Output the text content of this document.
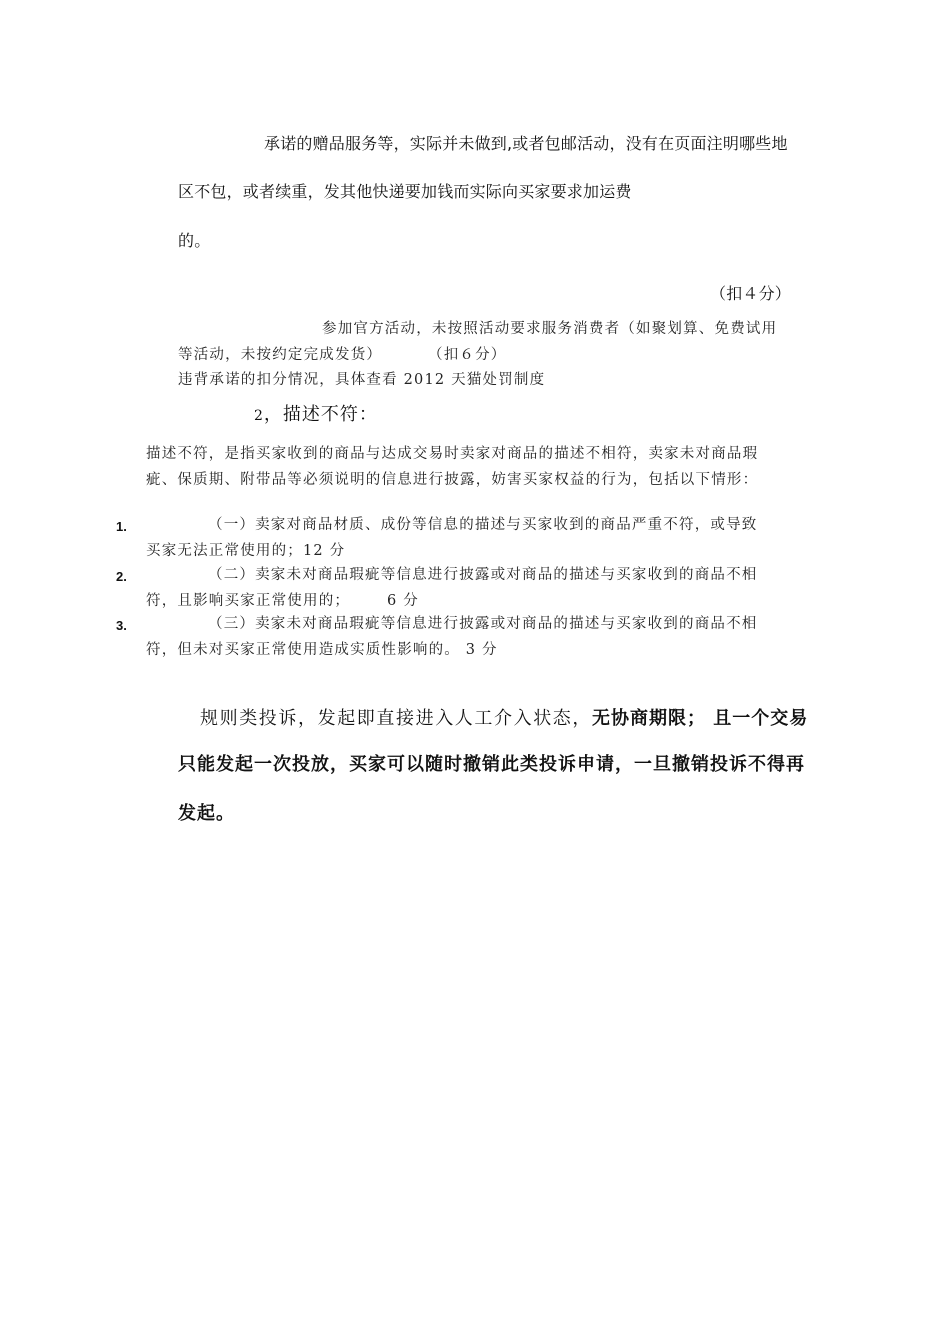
承诺的赠品服务等，实际并未做到,或者包邮活动，没有在页面注明哪些地

区不包，或者续重，发其他快递要加钱而实际向买家要求加运费

的。

（扣４分）

参加官方活动，未按照活动要求服务消费者（如聚划算、免费试用

等活动，未按约定完成发货）	（扣６分）

违背承诺的扣分情况，具体查看 2012 天猫处罚制度

2，描述不符：

描述不符，是指买家收到的商品与达成交易时卖家对商品的描述不相符，卖家未对商品瑕

疵、保质期、附带品等必须说明的信息进行披露，妨害买家权益的行为，包括以下情形：

1.	（一）卖家对商品材质、成份等信息的描述与买家收到的商品严重不符，或导致

买家无法正常使用的；12 分

2.	（二）卖家未对商品瑕疵等信息进行披露或对商品的描述与买家收到的商品不相

符，且影响买家正常使用的；	6 分

3.	（三）卖家未对商品瑕疵等信息进行披露或对商品的描述与买家收到的商品不相

符，但未对买家正常使用造成实质性影响的。 3 分

规则类投诉，发起即直接进入人工介入状态，无协商期限； 且一个交易

只能发起一次投放，买家可以随时撤销此类投诉申请，一旦撤销投诉不得再

发起。
